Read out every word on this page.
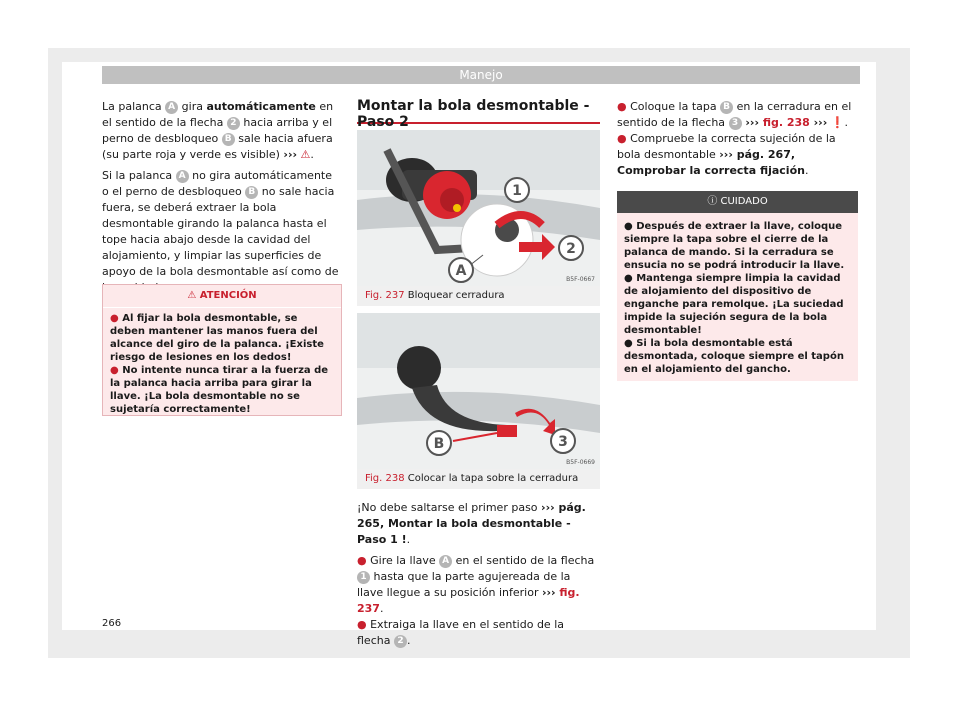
Manejo

La palanca A gira automáticamente en el sentido de la flecha 2 hacia arriba y el perno de desbloqueo B sale hacia afuera (su parte roja y verde es visible) ››› ⚠.

Si la palanca A no gira automáticamente o el perno de desbloqueo B no sale hacia fuera, se deberá extraer la bola desmontable girando la palanca hasta el tope hacia abajo desde la cavidad del alojamiento, y limpiar las superficies de apoyo de la bola desmontable así como de

⚠ ATENCIÓN

● Al fijar la bola desmontable, se deben mantener las manos fuera del alcance del giro de la palanca. ¡Existe riesgo de lesiones en los dedos!

● No intente nunca tirar a la fuerza de la palanca hacia arriba para girar la llave. ¡La bola desmontable no se sujetaría correctamente!

Montar la bola desmontable - Paso 2
1
2
A
B5F-0667
Fig. 237 Bloquear cerradura
B	3
B5F-0669
Fig. 238 Colocar la tapa sobre la cerradura

¡No debe saltarse el primer paso ››› pág. 265, Montar la bola desmontable - Paso 1 !.

● Gire la llave A en el sentido de la flecha 1 hasta que la parte agujereada de la llave llegue a su posición inferior ››› fig. 237.

● Extraiga la llave en el sentido de la flecha 2 .

● Coloque la tapa B en la cerradura en el sentido de la flecha 3 ››› fig. 238 ››› ❗.

● Compruebe la correcta sujeción de la bola desmontable ››› pág. 267, Comprobar la correcta fijación.

ⓘ CUIDADO

● Después de extraer la llave, coloque siempre la tapa sobre el cierre de la palanca de mando. Si la cerradura se ensucia no se podrá introducir la llave.

● Mantenga siempre limpia la cavidad de alojamiento del dispositivo de enganche para remolque. ¡La suciedad impide la sujeción segura de la bola desmontable!

● Si la bola desmontable está desmontada, coloque siempre el tapón en el alojamiento del gancho.

266
